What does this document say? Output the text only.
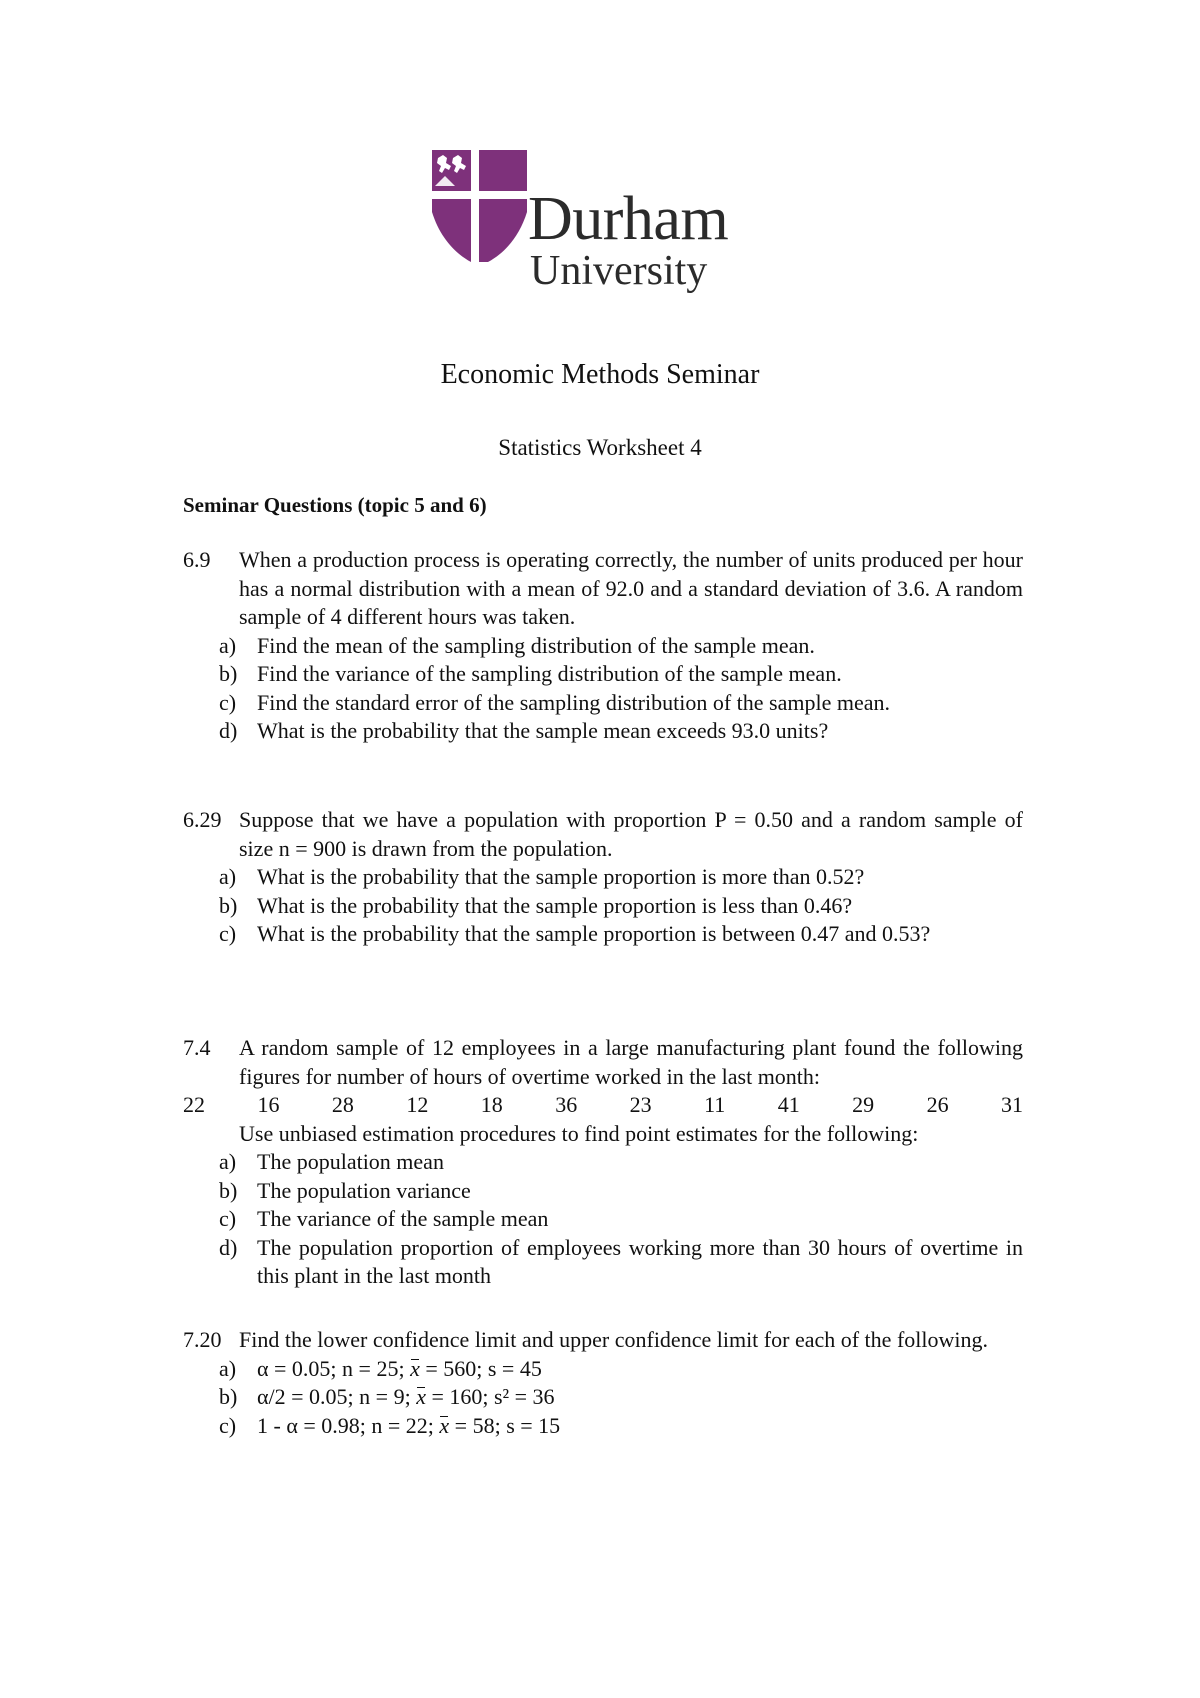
Durham
University
Economic Methods Seminar
Statistics Worksheet 4
Seminar Questions (topic 5 and 6)
6.9 When a production process is operating correctly, the number of units produced per hour has a normal distribution with a mean of 92.0 and a standard deviation of 3.6. A random sample of 4 different hours was taken.
a) Find the mean of the sampling distribution of the sample mean.
b) Find the variance of the sampling distribution of the sample mean.
c) Find the standard error of the sampling distribution of the sample mean.
d) What is the probability that the sample mean exceeds 93.0 units?
6.29 Suppose that we have a population with proportion P = 0.50 and a random sample of size n = 900 is drawn from the population.
a) What is the probability that the sample proportion is more than 0.52?
b) What is the probability that the sample proportion is less than 0.46?
c) What is the probability that the sample proportion is between 0.47 and 0.53?
7.4 A random sample of 12 employees in a large manufacturing plant found the following figures for number of hours of overtime worked in the last month:
22 16 28 12 18 36 23 11 41 29 26 31
Use unbiased estimation procedures to find point estimates for the following:
a) The population mean
b) The population variance
c) The variance of the sample mean
d) The population proportion of employees working more than 30 hours of overtime in this plant in the last month
7.20 Find the lower confidence limit and upper confidence limit for each of the following.
a) α = 0.05; n = 25; x = 560; s = 45
b) α/2 = 0.05; n = 9; x = 160; s² = 36
c) 1 - α = 0.98; n = 22; x = 58; s = 15
